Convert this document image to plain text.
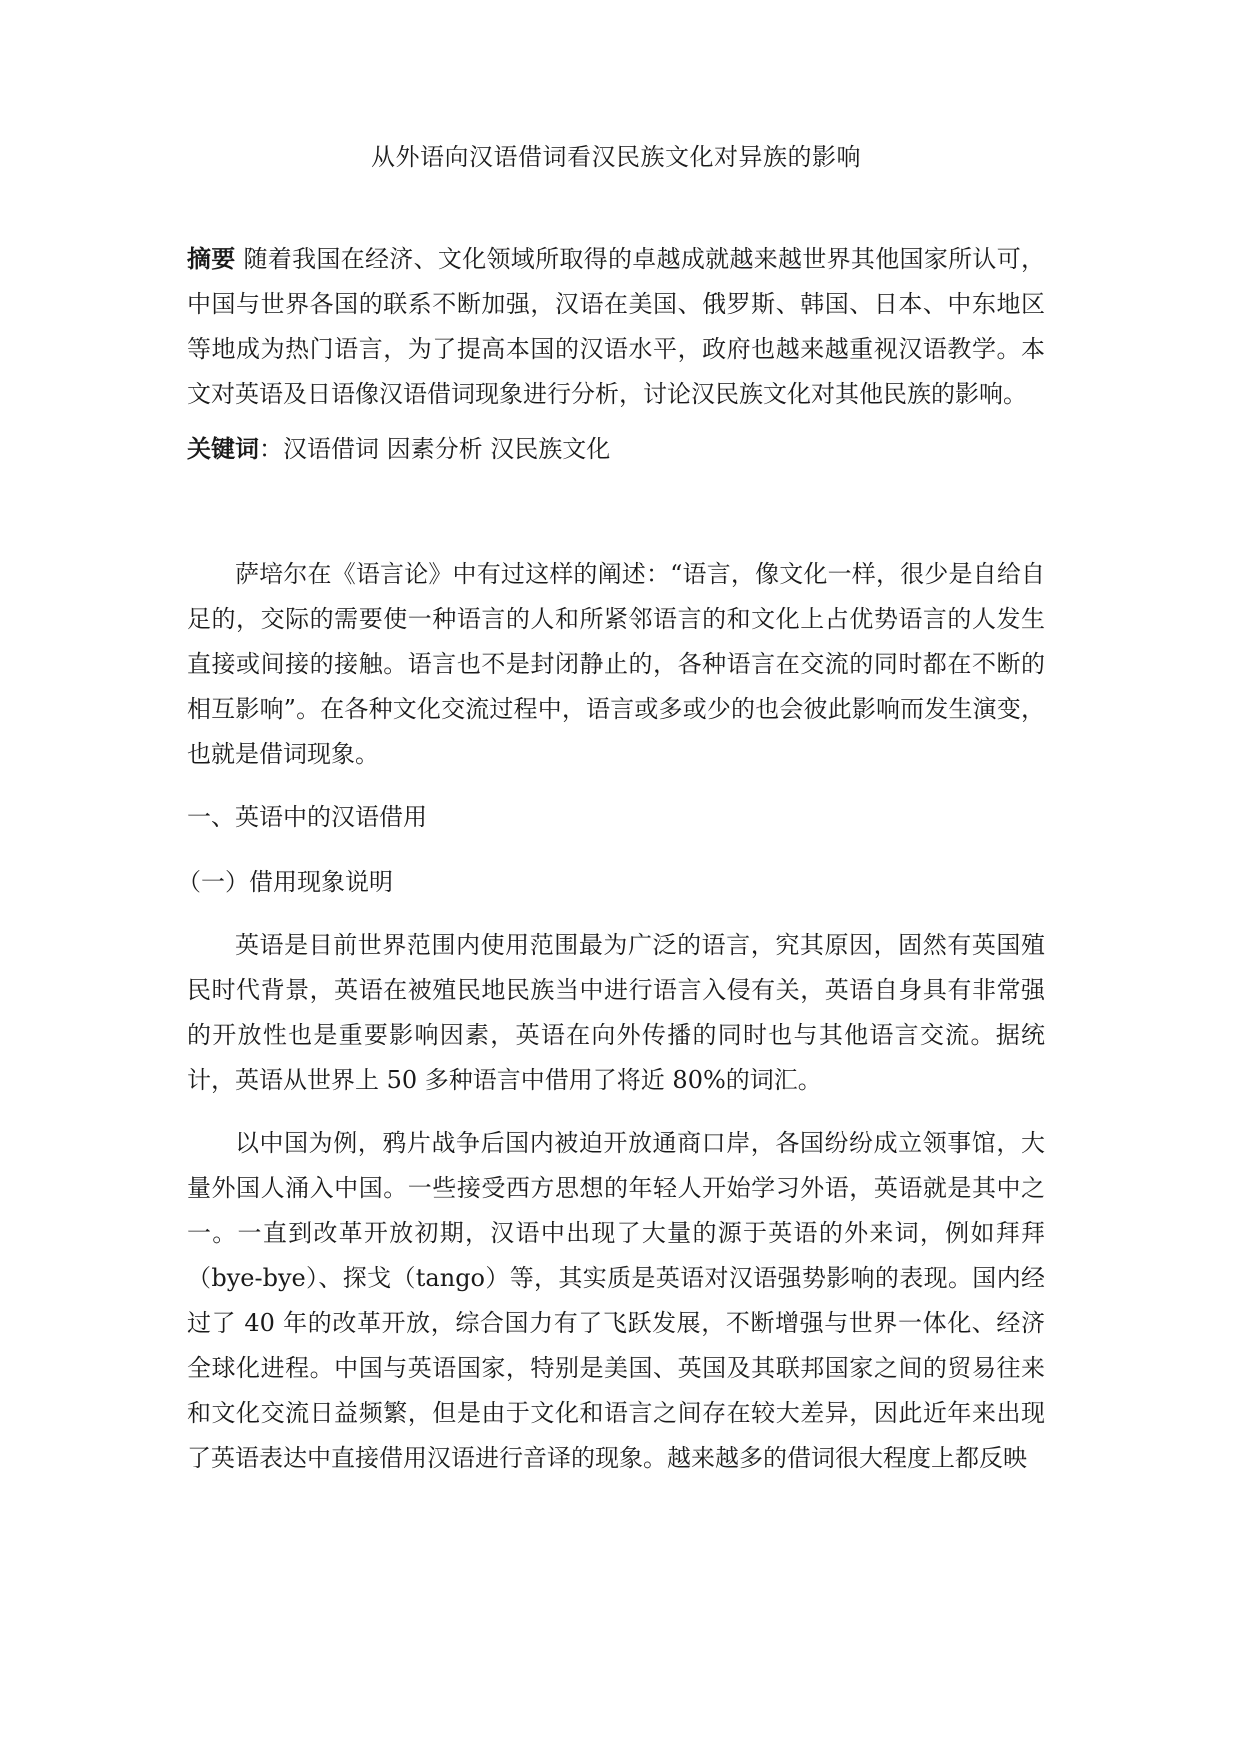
从外语向汉语借词看汉民族文化对异族的影响

摘要 随着我国在经济、文化领域所取得的卓越成就越来越世界其他国家所认可，中国与世界各国的联系不断加强，汉语在美国、俄罗斯、韩国、日本、中东地区等地成为热门语言，为了提高本国的汉语水平，政府也越来越重视汉语教学。本文对英语及日语像汉语借词现象进行分析，讨论汉民族文化对其他民族的影响。

关键词：汉语借词 因素分析 汉民族文化

萨培尔在《语言论》中有过这样的阐述：“语言，像文化一样，很少是自给自足的，交际的需要使一种语言的人和所紧邻语言的和文化上占优势语言的人发生直接或间接的接触。语言也不是封闭静止的，各种语言在交流的同时都在不断的相互影响”。在各种文化交流过程中，语言或多或少的也会彼此影响而发生演变，也就是借词现象。

一、英语中的汉语借用

（一）借用现象说明

英语是目前世界范围内使用范围最为广泛的语言，究其原因，固然有英国殖民时代背景，英语在被殖民地民族当中进行语言入侵有关，英语自身具有非常强的开放性也是重要影响因素，英语在向外传播的同时也与其他语言交流。据统计，英语从世界上 50 多种语言中借用了将近 80%的词汇。

以中国为例，鸦片战争后国内被迫开放通商口岸，各国纷纷成立领事馆，大量外国人涌入中国。一些接受西方思想的年轻人开始学习外语，英语就是其中之一。一直到改革开放初期，汉语中出现了大量的源于英语的外来词，例如拜拜（bye-bye）、探戈（tango）等，其实质是英语对汉语强势影响的表现。国内经过了 40 年的改革开放，综合国力有了飞跃发展，不断增强与世界一体化、经济全球化进程。中国与英语国家，特别是美国、英国及其联邦国家之间的贸易往来和文化交流日益频繁，但是由于文化和语言之间存在较大差异，因此近年来出现了英语表达中直接借用汉语进行音译的现象。越来越多的借词很大程度上都反映
